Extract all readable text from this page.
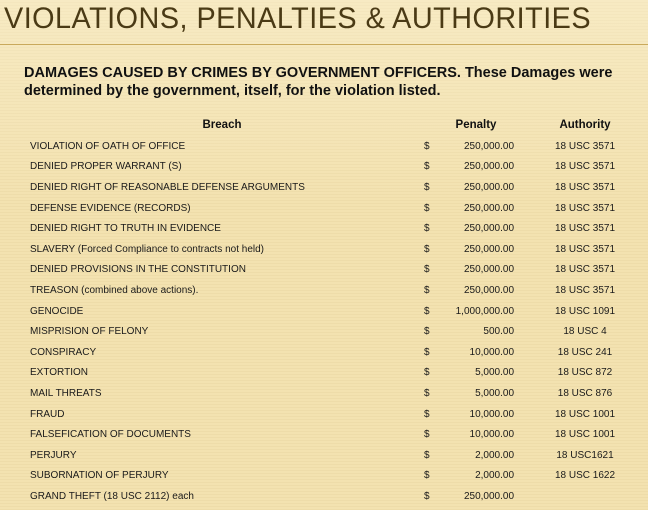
VIOLATIONS, PENALTIES & AUTHORITIES

DAMAGES CAUSED BY CRIMES BY GOVERNMENT OFFICERS. These Damages were determined by the government, itself, for the violation listed.

Breach	Penalty		Authority
VIOLATION OF OATH OF OFFICE	$	250,000.00	18 USC 3571
DENIED PROPER WARRANT (S)	$	250,000.00	18 USC 3571
DENIED RIGHT OF REASONABLE DEFENSE ARGUMENTS	$	250,000.00	18 USC 3571
DEFENSE EVIDENCE (RECORDS)	$	250,000.00	18 USC 3571
DENIED RIGHT TO TRUTH IN EVIDENCE	$	250,000.00	18 USC 3571
SLAVERY (Forced Compliance to contracts not held)	$	250,000.00	18 USC 3571
DENIED PROVISIONS IN THE CONSTITUTION	$	250,000.00	18 USC 3571
TREASON (combined above actions).	$	250,000.00	18 USC 3571
GENOCIDE	$	1,000,000.00	18 USC 1091
MISPRISION OF FELONY	$	500.00	18 USC 4
CONSPIRACY	$	10,000.00	18 USC 241
EXTORTION	$	5,000.00	18 USC 872
MAIL THREATS	$	5,000.00	18 USC 876
FRAUD	$	10,000.00	18 USC 1001
FALSEFICATION OF DOCUMENTS	$	10,000.00	18 USC 1001
PERJURY	$	2,000.00	18 USC1621
SUBORNATION OF PERJURY	$	2,000.00	18 USC 1622
GRAND THEFT (18 USC 2112) each	$	250,000.00	
